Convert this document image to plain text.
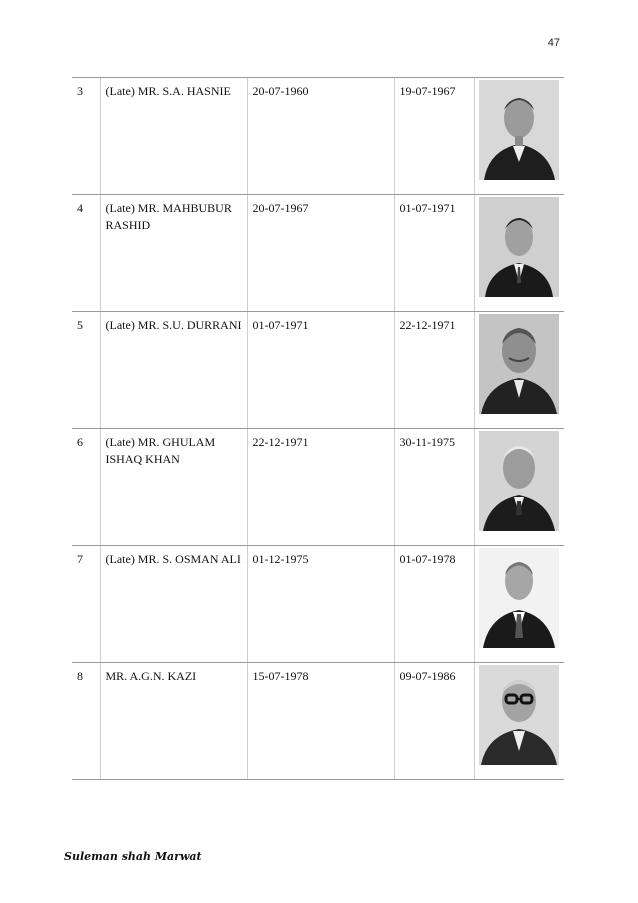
47
3	(Late) MR. S.A. HASNIE	20-07-1960	19-07-1967	

4	(Late) MR. MAHBUBUR RASHID	20-07-1967	01-07-1971	

5	(Late) MR. S.U. DURRANI	01-07-1971	22-12-1971	

6	(Late) MR. GHULAM ISHAQ KHAN	22-12-1971	30-11-1975	

7	(Late) MR. S. OSMAN ALI	01-12-1975	01-07-1978	

8	MR. A.G.N. KAZI	15-07-1978	09-07-1986	
Suleman shah Marwat
